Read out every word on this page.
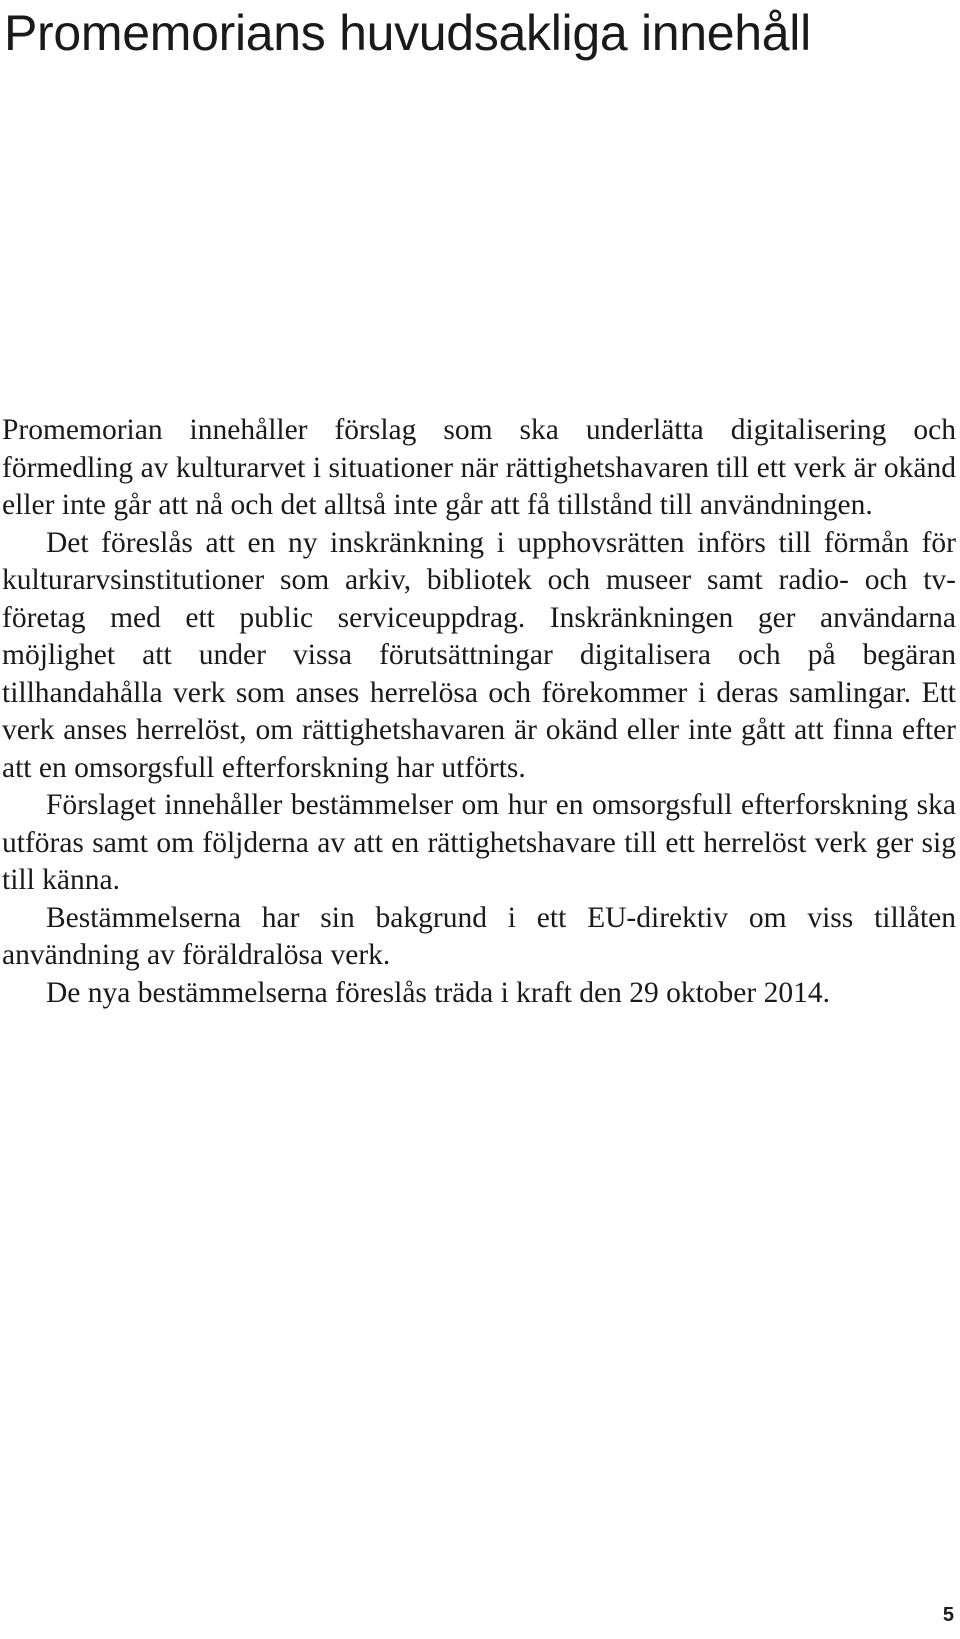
Promemorians huvudsakliga innehåll

Promemorian innehåller förslag som ska underlätta digitalisering och förmedling av kulturarvet i situationer när rättighetshavaren till ett verk är okänd eller inte går att nå och det alltså inte går att få tillstånd till användningen.

Det föreslås att en ny inskränkning i upphovsrätten införs till förmån för kulturarvsinstitutioner som arkiv, bibliotek och museer samt radio- och tv-företag med ett public serviceuppdrag. Inskränkningen ger användarna möjlighet att under vissa förutsättningar digitalisera och på begäran tillhandahålla verk som anses herrelösa och förekommer i deras samlingar. Ett verk anses herrelöst, om rättighetshavaren är okänd eller inte gått att finna efter att en omsorgsfull efterforskning har utförts.

Förslaget innehåller bestämmelser om hur en omsorgsfull efterforskning ska utföras samt om följderna av att en rättighetshavare till ett herrelöst verk ger sig till känna.

Bestämmelserna har sin bakgrund i ett EU-direktiv om viss tillåten användning av föräldralösa verk.

De nya bestämmelserna föreslås träda i kraft den 29 oktober 2014.

5
